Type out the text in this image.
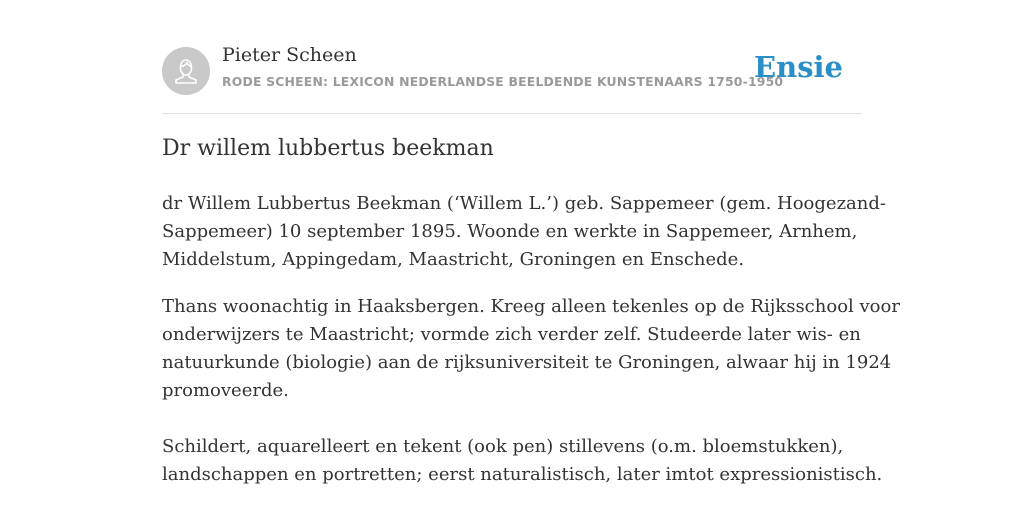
Pieter Scheen
RODE SCHEEN: LEXICON NEDERLANDSE BEELDENDE KUNSTENAARS 1750-1950
Ensie
Dr willem lubbertus beekman

dr Willem Lubbertus Beekman (‘Willem L.’) geb. Sappemeer (gem. Hoogezand-
Sappemeer) 10 september 1895. Woonde en werkte in Sappemeer, Arnhem,
Middelstum, Appingedam, Maastricht, Groningen en Enschede.

Thans woonachtig in Haaksbergen. Kreeg alleen tekenles op de Rijksschool voor
onderwijzers te Maastricht; vormde zich verder zelf. Studeerde later wis- en
natuurkunde (biologie) aan de rijksuniversiteit te Groningen, alwaar hij in 1924
promoveerde.
Schildert, aquarelleert en tekent (ook pen) stillevens (o.m. bloemstukken),
landschappen en portretten; eerst naturalistisch, later imtot expressionistisch.
